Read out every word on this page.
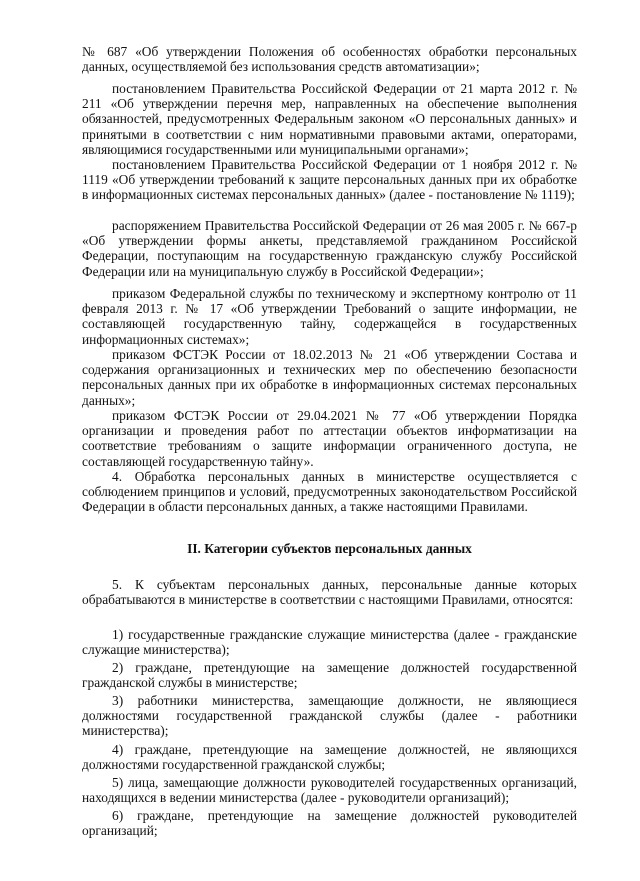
№ 687 «Об утверждении Положения об особенностях обработки персональных данных, осуществляемой без использования средств автоматизации»;

постановлением Правительства Российской Федерации от 21 марта 2012 г. № 211 «Об утверждении перечня мер, направленных на обеспечение выполнения обязанностей, предусмотренных Федеральным законом «О персональных данных» и принятыми в соответствии с ним нормативными правовыми актами, операторами, являющимися государственными или муниципальными органами»;

постановлением Правительства Российской Федерации от 1 ноября 2012 г. № 1119 «Об утверждении требований к защите персональных данных при их обработке в информационных системах персональных данных» (далее - постановление № 1119);

распоряжением Правительства Российской Федерации от 26 мая 2005 г. № 667-р «Об утверждении формы анкеты, представляемой гражданином Российской Федерации, поступающим на государственную гражданскую службу Российской Федерации или на муниципальную службу в Российской Федерации»;

приказом Федеральной службы по техническому и экспертному контролю от 11 февраля 2013 г. № 17 «Об утверждении Требований о защите информации, не составляющей государственную тайну, содержащейся в государственных информационных системах»;

приказом ФСТЭК России от 18.02.2013 № 21 «Об утверждении Состава и содержания организационных и технических мер по обеспечению безопасности персональных данных при их обработке в информационных системах персональных данных»;

приказом ФСТЭК России от 29.04.2021 № 77 «Об утверждении Порядка организации и проведения работ по аттестации объектов информатизации на соответствие требованиям о защите информации ограниченного доступа, не составляющей государственную тайну».

4. Обработка персональных данных в министерстве осуществляется с соблюдением принципов и условий, предусмотренных законодательством Российской Федерации в области персональных данных, а также настоящими Правилами.

II. Категории субъектов персональных данных

5. К субъектам персональных данных, персональные данные которых обрабатываются в министерстве в соответствии с настоящими Правилами, относятся:

1) государственные гражданские служащие министерства (далее - гражданские служащие министерства);

2) граждане, претендующие на замещение должностей государственной гражданской службы в министерстве;

3) работники министерства, замещающие должности, не являющиеся должностями государственной гражданской службы (далее - работники министерства);

4) граждане, претендующие на замещение должностей, не являющихся должностями государственной гражданской службы;

5) лица, замещающие должности руководителей государственных организаций, находящихся в ведении министерства (далее - руководители организаций);

6) граждане, претендующие на замещение должностей руководителей организаций;
